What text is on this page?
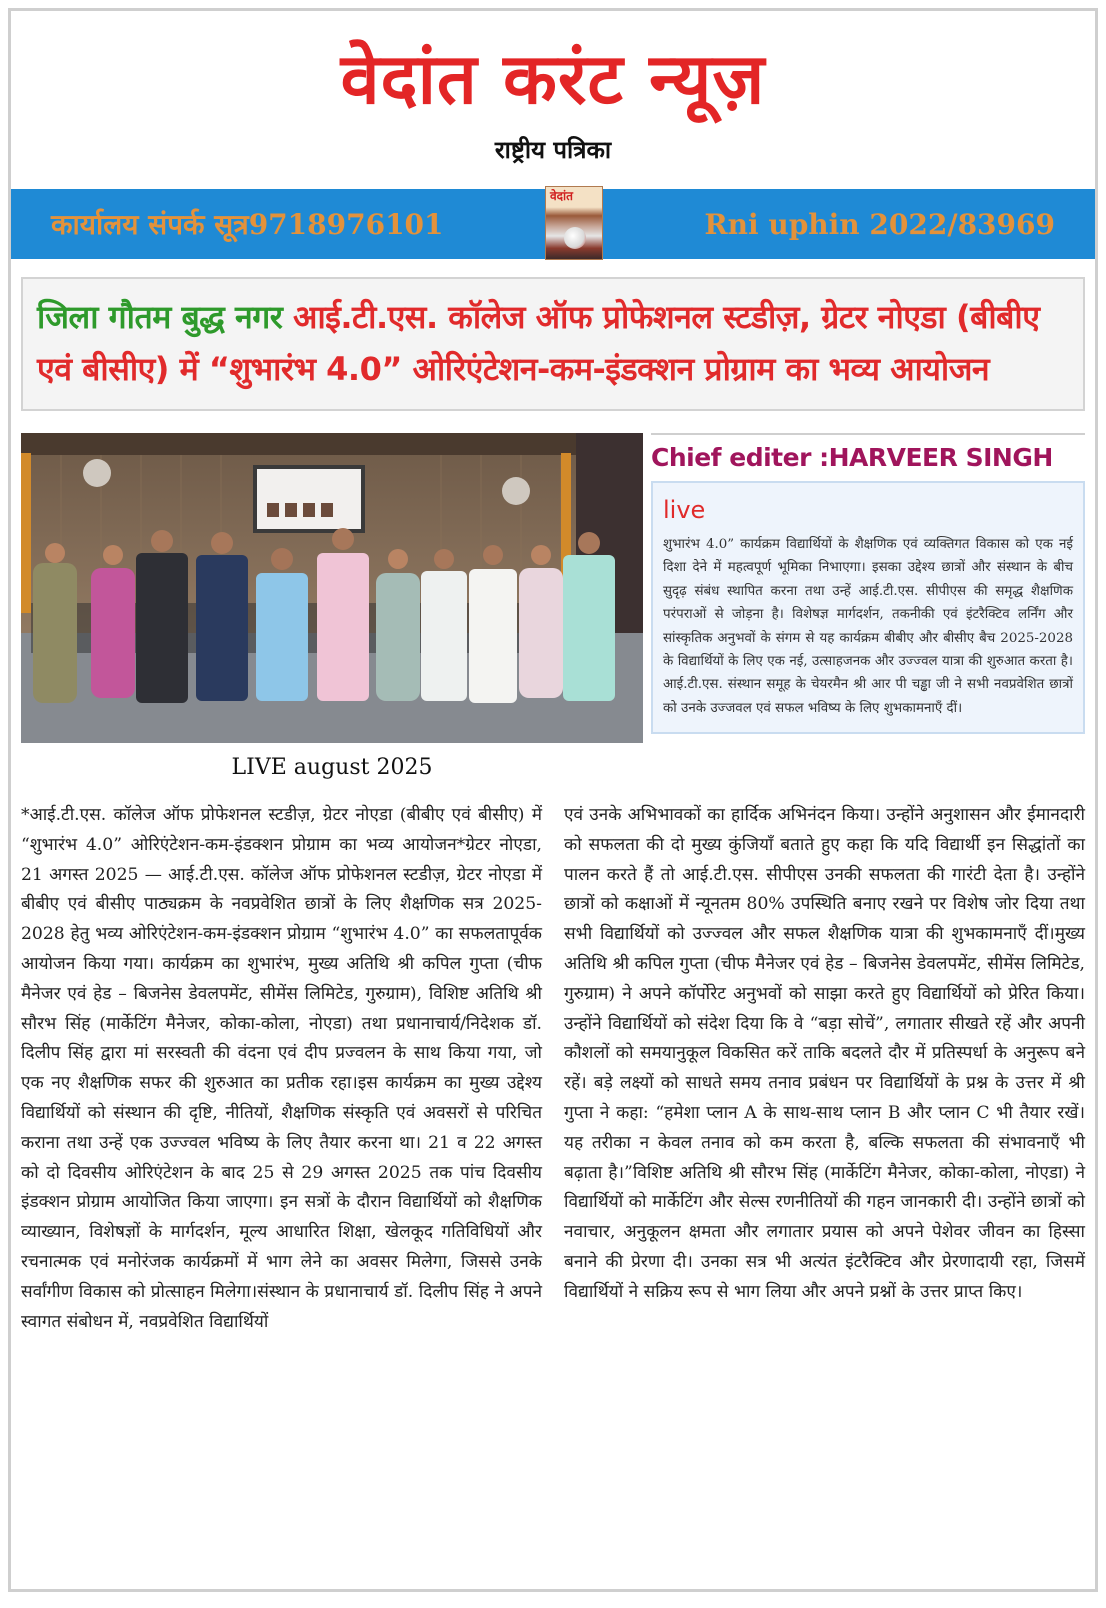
वेदांत करंट न्यूज़
राष्ट्रीय पत्रिका
कार्यालय संपर्क सूत्र9718976101
वेदांत
Rni uphin 2022/83969
जिला गौतम बुद्ध नगर आई.टी.एस. कॉलेज ऑफ प्रोफेशनल स्टडीज़, ग्रेटर नोएडा (बीबीए एवं बीसीए) में “शुभारंभ 4.0” ओरिएंटेशन-कम-इंडक्शन प्रोग्राम का भव्य आयोजन
LIVE august 2025
Chief editer :HARVEER SINGH

live

शुभारंभ 4.0” कार्यक्रम विद्यार्थियों के शैक्षणिक एवं व्यक्तिगत विकास को एक नई दिशा देने में महत्वपूर्ण भूमिका निभाएगा। इसका उद्देश्य छात्रों और संस्थान के बीच सुदृढ़ संबंध स्थापित करना तथा उन्हें आई.टी.एस. सीपीएस की समृद्ध शैक्षणिक परंपराओं से जोड़ना है। विशेषज्ञ मार्गदर्शन, तकनीकी एवं इंटरैक्टिव लर्निंग और सांस्कृतिक अनुभवों के संगम से यह कार्यक्रम बीबीए और बीसीए बैच 2025-2028 के विद्यार्थियों के लिए एक नई, उत्साहजनक और उज्ज्वल यात्रा की शुरुआत करता है। आई.टी.एस. संस्थान समूह के चेयरमैन श्री आर पी चड्ढा जी ने सभी नवप्रवेशित छात्रों को उनके उज्जवल एवं सफल भविष्य के लिए शुभकामनाएँ दीं।

*आई.टी.एस. कॉलेज ऑफ प्रोफेशनल स्टडीज़, ग्रेटर नोएडा (बीबीए एवं बीसीए) में “शुभारंभ 4.0” ओरिएंटेशन-कम-इंडक्शन प्रोग्राम का भव्य आयोजन*ग्रेटर नोएडा, 21 अगस्त 2025 — आई.टी.एस. कॉलेज ऑफ प्रोफेशनल स्टडीज़, ग्रेटर नोएडा में बीबीए एवं बीसीए पाठ्यक्रम के नवप्रवेशित छात्रों के लिए शैक्षणिक सत्र 2025-2028 हेतु भव्य ओरिएंटेशन-कम-इंडक्शन प्रोग्राम “शुभारंभ 4.0” का सफलतापूर्वक आयोजन किया गया। कार्यक्रम का शुभारंभ, मुख्य अतिथि श्री कपिल गुप्ता (चीफ मैनेजर एवं हेड – बिजनेस डेवलपमेंट, सीमेंस लिमिटेड, गुरुग्राम), विशिष्ट अतिथि श्री सौरभ सिंह (मार्केटिंग मैनेजर, कोका-कोला, नोएडा) तथा प्रधानाचार्य/निदेशक डॉ. दिलीप सिंह द्वारा मां सरस्वती की वंदना एवं दीप प्रज्वलन के साथ किया गया, जो एक नए शैक्षणिक सफर की शुरुआत का प्रतीक रहा।इस कार्यक्रम का मुख्य उद्देश्य विद्यार्थियों को संस्थान की दृष्टि, नीतियों, शैक्षणिक संस्कृति एवं अवसरों से परिचित कराना तथा उन्हें एक उज्ज्वल भविष्य के लिए तैयार करना था। 21 व 22 अगस्त को दो दिवसीय ओरिएंटेशन के बाद 25 से 29 अगस्त 2025 तक पांच दिवसीय इंडक्शन प्रोग्राम आयोजित किया जाएगा। इन सत्रों के दौरान विद्यार्थियों को शैक्षणिक व्याख्यान, विशेषज्ञों के मार्गदर्शन, मूल्य आधारित शिक्षा, खेलकूद गतिविधियों और रचनात्मक एवं मनोरंजक कार्यक्रमों में भाग लेने का अवसर मिलेगा, जिससे उनके सर्वांगीण विकास को प्रोत्साहन मिलेगा।संस्थान के प्रधानाचार्य डॉ. दिलीप सिंह ने अपने स्वागत संबोधन में, नवप्रवेशित विद्यार्थियों

एवं उनके अभिभावकों का हार्दिक अभिनंदन किया। उन्होंने अनुशासन और ईमानदारी को सफलता की दो मुख्य कुंजियाँ बताते हुए कहा कि यदि विद्यार्थी इन सिद्धांतों का पालन करते हैं तो आई.टी.एस. सीपीएस उनकी सफलता की गारंटी देता है। उन्होंने छात्रों को कक्षाओं में न्यूनतम 80% उपस्थिति बनाए रखने पर विशेष जोर दिया तथा सभी विद्यार्थियों को उज्ज्वल और सफल शैक्षणिक यात्रा की शुभकामनाएँ दीं।मुख्य अतिथि श्री कपिल गुप्ता (चीफ मैनेजर एवं हेड – बिजनेस डेवलपमेंट, सीमेंस लिमिटेड, गुरुग्राम) ने अपने कॉर्पोरेट अनुभवों को साझा करते हुए विद्यार्थियों को प्रेरित किया। उन्होंने विद्यार्थियों को संदेश दिया कि वे “बड़ा सोचें”, लगातार सीखते रहें और अपनी कौशलों को समयानुकूल विकसित करें ताकि बदलते दौर में प्रतिस्पर्धा के अनुरूप बने रहें। बड़े लक्ष्यों को साधते समय तनाव प्रबंधन पर विद्यार्थियों के प्रश्न के उत्तर में श्री गुप्ता ने कहा: “हमेशा प्लान A के साथ-साथ प्लान B और प्लान C भी तैयार रखें। यह तरीका न केवल तनाव को कम करता है, बल्कि सफलता की संभावनाएँ भी बढ़ाता है।”विशिष्ट अतिथि श्री सौरभ सिंह (मार्केटिंग मैनेजर, कोका-कोला, नोएडा) ने विद्यार्थियों को मार्केटिंग और सेल्स रणनीतियों की गहन जानकारी दी। उन्होंने छात्रों को नवाचार, अनुकूलन क्षमता और लगातार प्रयास को अपने पेशेवर जीवन का हिस्सा बनाने की प्रेरणा दी। उनका सत्र भी अत्यंत इंटरैक्टिव और प्रेरणादायी रहा, जिसमें विद्यार्थियों ने सक्रिय रूप से भाग लिया और अपने प्रश्नों के उत्तर प्राप्त किए।
